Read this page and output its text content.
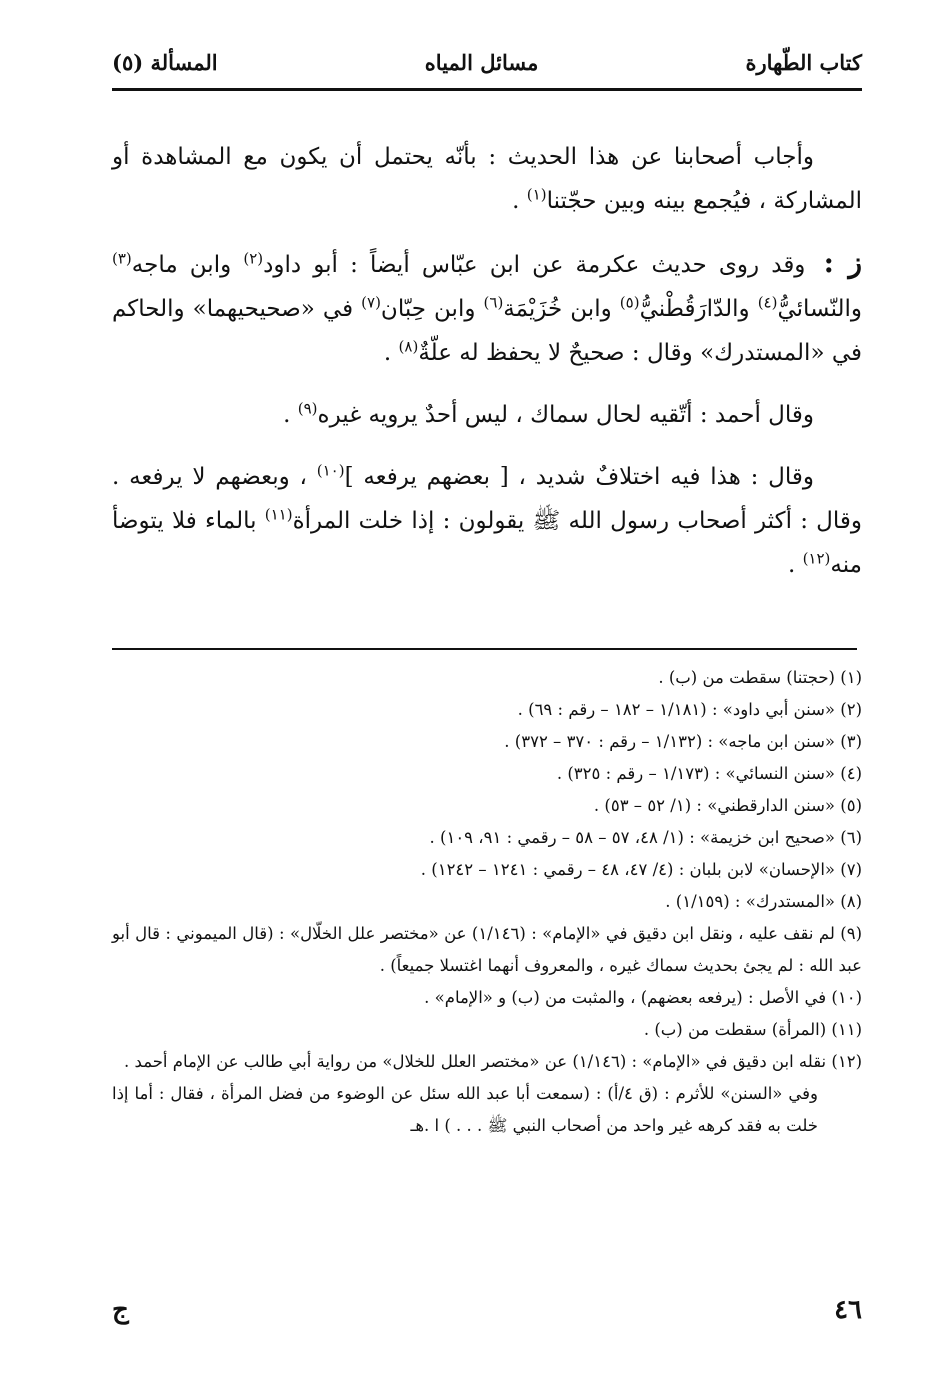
كتاب الطّهارة
مسائل المياه
المسألة (٥)

وأجاب أصحابنا عن هذا الحديث : بأنّه يحتمل أن يكون مع المشاهدة أو المشاركة ، فيُجمع بينه وبين حجّتنا$^{(١)}$ .

ز : وقد روى حديث عكرمة عن ابن عبّاس أيضاً : أبو داود$^{(٢)}$ وابن ماجه$^{(٣)}$ والنّسائيُّ$^{(٤)}$ والدّارَقُطْنيُّ$^{(٥)}$ وابن خُزَيْمَة$^{(٦)}$ وابن حِبّان$^{(٧)}$ في «صحيحيهما» والحاكم في «المستدرك» وقال : صحيحٌ لا يحفظ له علّةٌ$^{(٨)}$ .

وقال أحمد : أتّقيه لحال سماك ، ليس أحدٌ يرويه غيره$^{(٩)}$ .

وقال : هذا فيه اختلافٌ شديد ، [ بعضهم يرفعه ]$^{(١٠)}$ ، وبعضهم لا يرفعه . وقال : أكثر أصحاب رسول الله ﷺ يقولون : إذا خلت المرأة$^{(١١)}$ بالماء فلا يتوضأ منه$^{(١٢)}$ .

(١) (حجتنا) سقطت من (ب) .

(٢) «سنن أبي داود» : (١/١٨١ – ١٨٢ – رقم : ٦٩) .

(٣) «سنن ابن ماجه» : (١/١٣٢ – رقم : ٣٧٠ – ٣٧٢) .

(٤) «سنن النسائي» : (١/١٧٣ – رقم : ٣٢٥) .

(٥) «سنن الدارقطني» : (١/ ٥٢ – ٥٣) .

(٦) «صحيح ابن خزيمة» : (١/ ٤٨، ٥٧ – ٥٨ – رقمي : ٩١، ١٠٩) .

(٧) «الإحسان» لابن بلبان : (٤/ ٤٧، ٤٨ – رقمي : ١٢٤١ – ١٢٤٢) .

(٨) «المستدرك» : (١/١٥٩) .

(٩) لم نقف عليه ، ونقل ابن دقيق في «الإمام» : (١/١٤٦) عن «مختصر علل الخلّال» : (قال الميموني : قال أبو عبد الله : لم يجئ بحديث سماك غيره ، والمعروف أنهما اغتسلا جميعاً) .

(١٠) في الأصل : (يرفعه بعضهم) ، والمثبت من (ب) و «الإمام» .

(١١) (المرأة) سقطت من (ب) .

(١٢) نقله ابن دقيق في «الإمام» : (١/١٤٦) عن «مختصر العلل للخلال» من رواية أبي طالب عن الإمام أحمد .

وفي «السنن» للأثرم : (ق ٤/أ) : (سمعت أبا عبد الله سئل عن الوضوء من فضل المرأة ، فقال : أما إذا خلت به فقد كرهه غير واحد من أصحاب النبي ﷺ . . . ) ا .هـ

٤٦
ج
